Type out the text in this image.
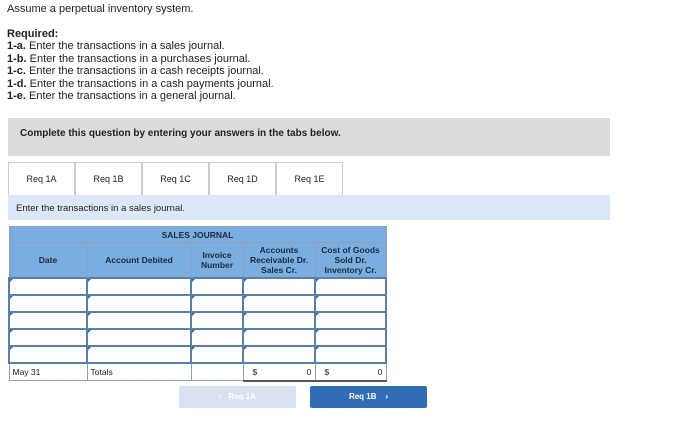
Assume a perpetual inventory system.
Required:
1-a. Enter the transactions in a sales journal.
1-b. Enter the transactions in a purchases journal.
1-c. Enter the transactions in a cash receipts journal.
1-d. Enter the transactions in a cash payments journal.
1-e. Enter the transactions in a general journal.
Complete this question by entering your answers in the tabs below.
Req 1A	Req 1B	Req 1C	Req 1D	Req 1E
Enter the transactions in a sales journal.
SALES JOURNAL				
Date	Account Debited	Invoice Number	Accounts Receivable Dr. Sales Cr.	Cost of Goods Sold Dr. Inventory Cr.

May 31	Totals		$ 0	$ 0
‹ Req 1A	Req 1B ›
